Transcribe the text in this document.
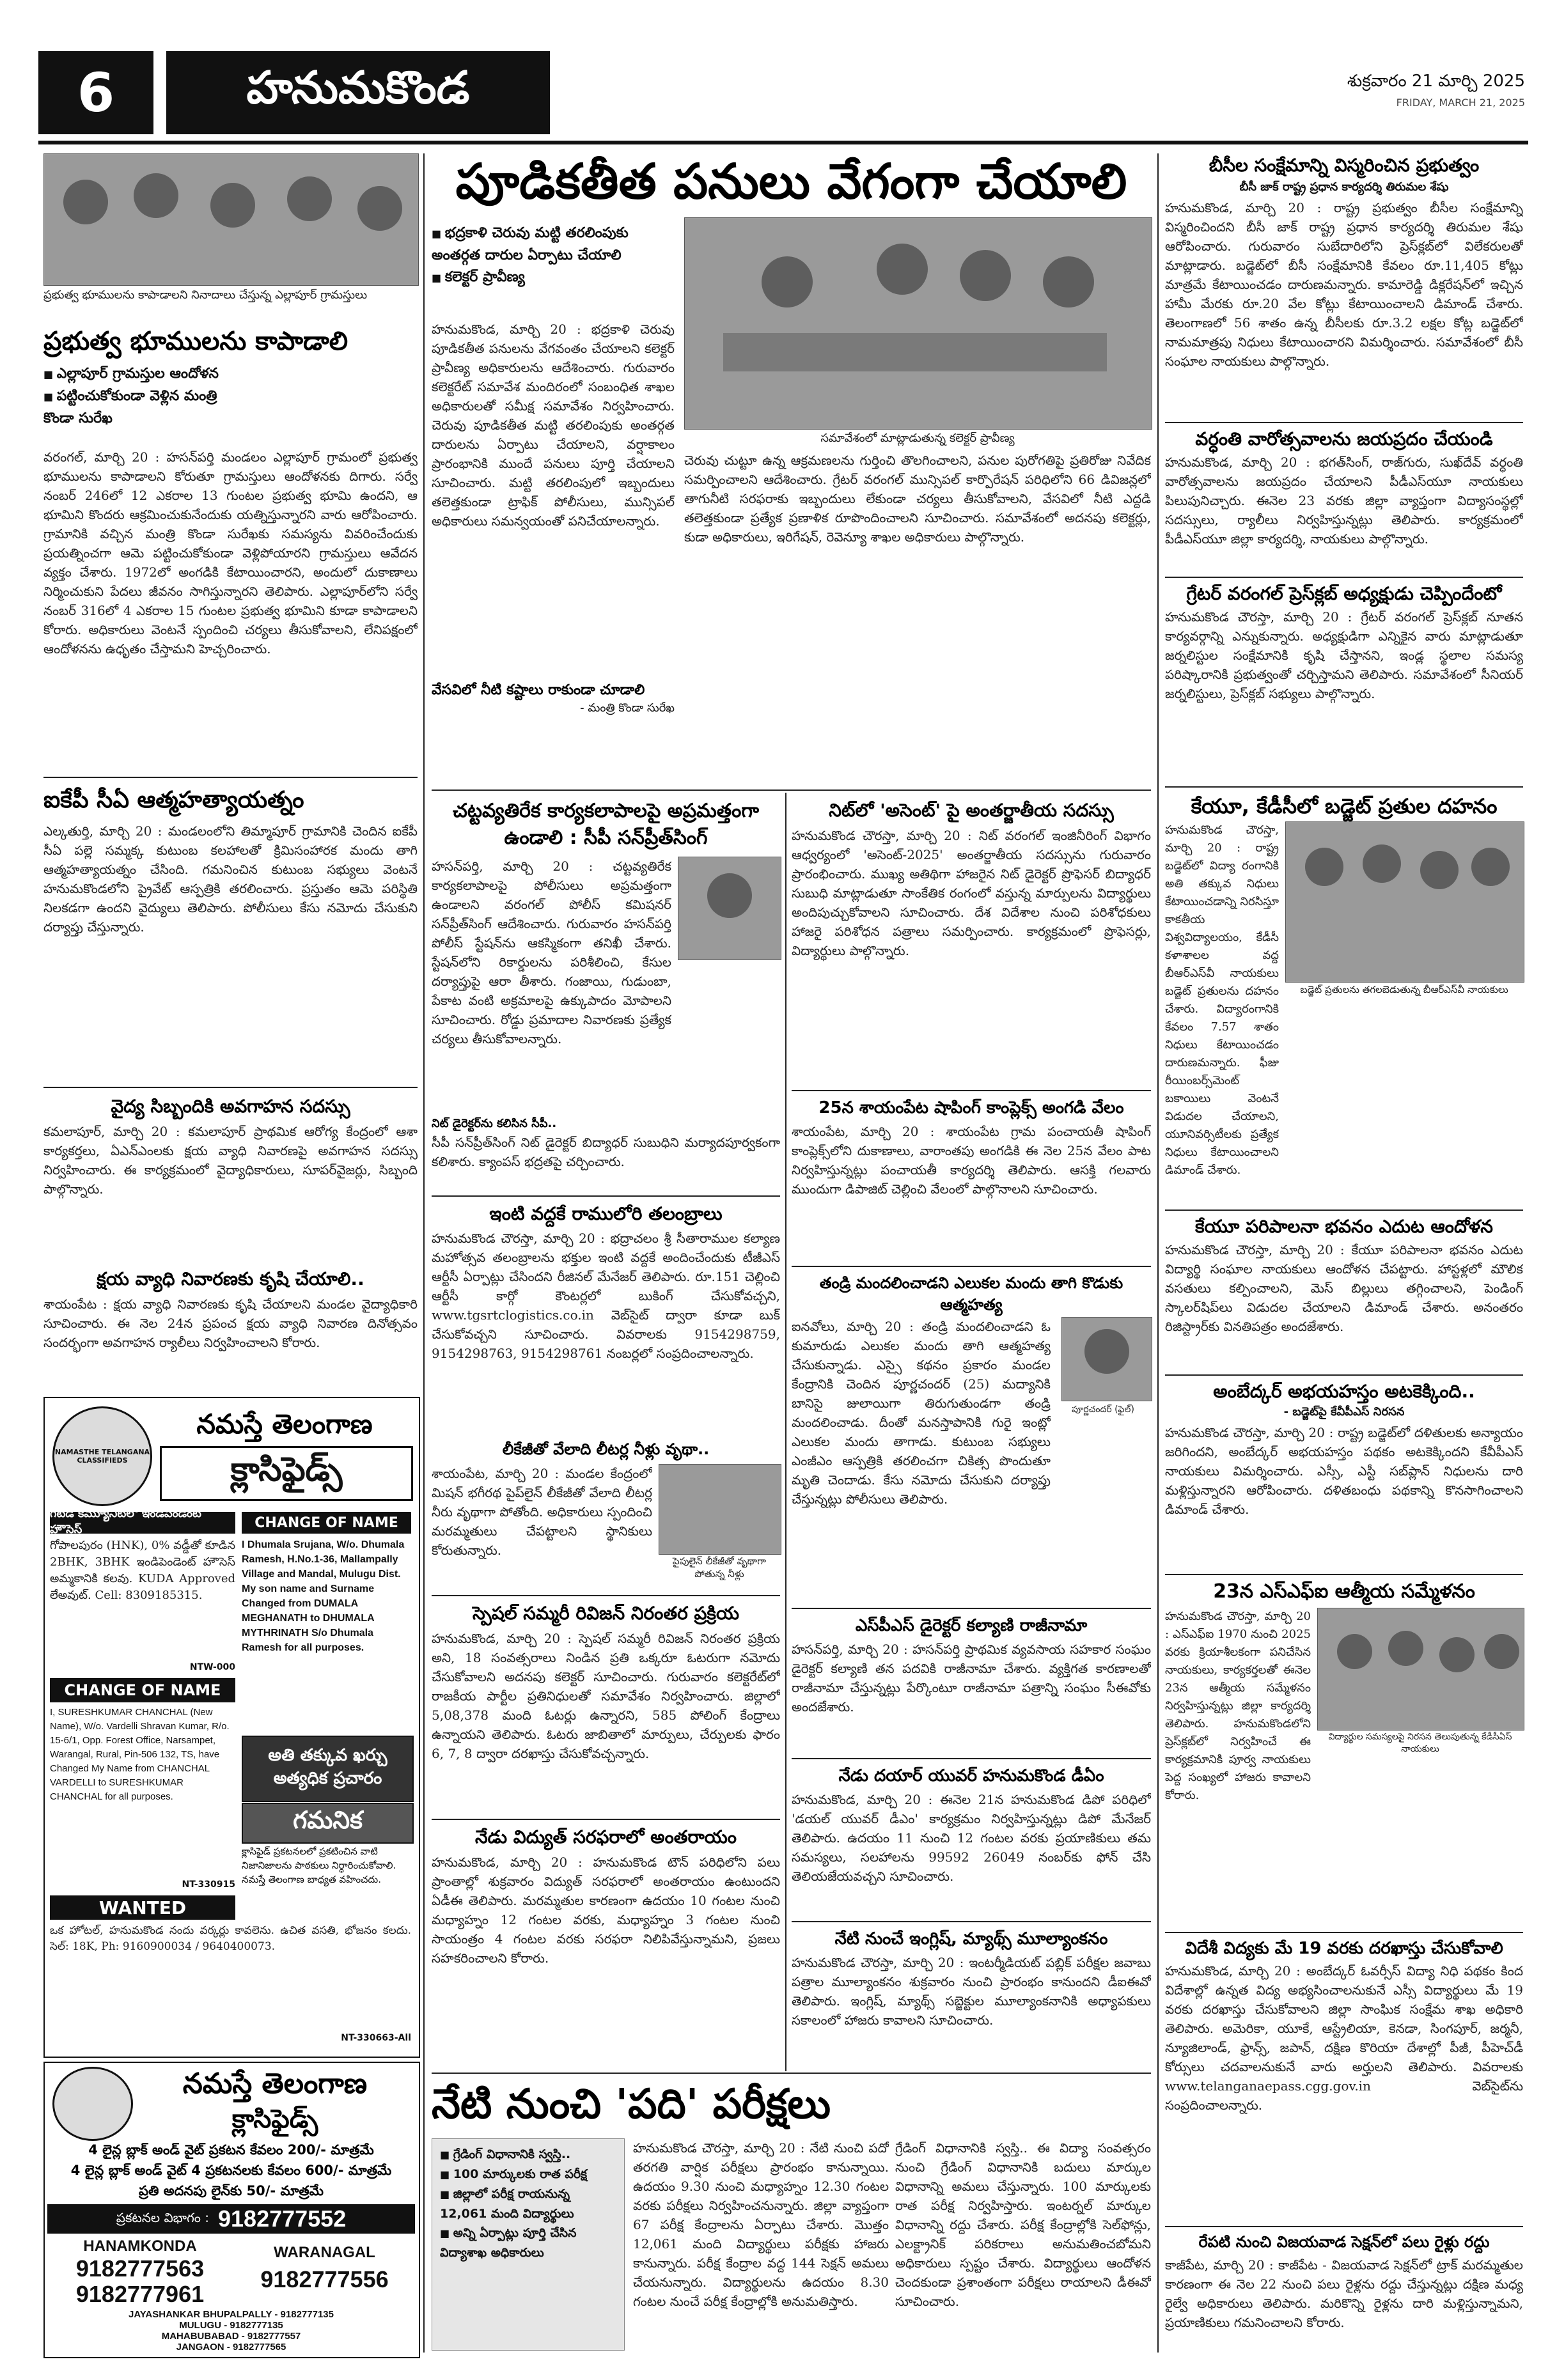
6	హనుమకొండ	శుక్రవారం 21 మార్చి 2025
FRIDAY, MARCH 21, 2025
ప్రభుత్వ భూములను కాపాడాలని నినాదాలు చేస్తున్న ఎల్లాపూర్ గ్రామస్తులు
ప్రభుత్వ భూములను కాపాడాలి
■ ఎల్లాపూర్ గ్రామస్తుల ఆందోళన
■ పట్టించుకోకుండా వెళ్లిన మంత్రి కొండా సురేఖ
వరంగల్, మార్చి 20 : హసన్‌పర్తి మండలం ఎల్లాపూర్ గ్రామంలో ప్రభుత్వ భూములను కాపాడాలని కోరుతూ గ్రామస్తులు ఆందోళనకు దిగారు. సర్వే నంబర్ 246లో 12 ఎకరాల 13 గుంటల ప్రభుత్వ భూమి ఉందని, ఆ భూమిని కొందరు ఆక్రమించుకునేందుకు యత్నిస్తున్నారని వారు ఆరోపించారు. గ్రామానికి వచ్చిన మంత్రి కొండా సురేఖకు సమస్యను వివరించేందుకు ప్రయత్నించగా ఆమె పట్టించుకోకుండా వెళ్లిపోయారని గ్రామస్తులు ఆవేదన వ్యక్తం చేశారు. 1972లో అంగడికి కేటాయించారని, అందులో దుకాణాలు నిర్మించుకుని పేదలు జీవనం సాగిస్తున్నారని తెలిపారు. ఎల్లాపూర్‌లోని సర్వే నంబర్ 316లో 4 ఎకరాల 15 గుంటల ప్రభుత్వ భూమిని కూడా కాపాడాలని కోరారు. అధికారులు వెంటనే స్పందించి చర్యలు తీసుకోవాలని, లేనిపక్షంలో ఆందోళనను ఉధృతం చేస్తామని హెచ్చరించారు.
ఐకేపీ సీఏ ఆత్మహత్యాయత్నం
ఎల్కతుర్తి, మార్చి 20 : మండలంలోని తిమ్మాపూర్ గ్రామానికి చెందిన ఐకేపీ సీఏ పల్లె సమ్మక్క కుటుంబ కలహాలతో క్రిమిసంహారక మందు తాగి ఆత్మహత్యాయత్నం చేసింది. గమనించిన కుటుంబ సభ్యులు వెంటనే హనుమకొండలోని ప్రైవేట్ ఆస్పత్రికి తరలించారు. ప్రస్తుతం ఆమె పరిస్థితి నిలకడగా ఉందని వైద్యులు తెలిపారు. పోలీసులు కేసు నమోదు చేసుకుని దర్యాప్తు చేస్తున్నారు.
వైద్య సిబ్బందికి అవగాహన సదస్సు
కమలాపూర్, మార్చి 20 : కమలాపూర్ ప్రాథమిక ఆరోగ్య కేంద్రంలో ఆశా కార్యకర్తలు, ఏఎన్‌ఎంలకు క్షయ వ్యాధి నివారణపై అవగాహన సదస్సు నిర్వహించారు. ఈ కార్యక్రమంలో వైద్యాధికారులు, సూపర్‌వైజర్లు, సిబ్బంది పాల్గొన్నారు.
క్షయ వ్యాధి నివారణకు కృషి చేయాలి..
శాయంపేట : క్షయ వ్యాధి నివారణకు కృషి చేయాలని మండల వైద్యాధికారి సూచించారు. ఈ నెల 24న ప్రపంచ క్షయ వ్యాధి నివారణ దినోత్సవం సందర్భంగా అవగాహన ర్యాలీలు నిర్వహించాలని కోరారు.
NAMASTHE TELANGANA CLASSIFIEDS
నమస్తే తెలంగాణ
క్లాసిఫైడ్స్
గేటెడ్ కమ్యూనిటీలో ఇండిపెండెంట్ హౌసెస్
గోపాలపురం (HNK), 0% వడ్డీతో కూడిన 2BHK, 3BHK ఇండిపెండెంట్ హౌసెస్ అమ్మకానికి కలవు. KUDA Approved లేఅవుట్. Cell: 8309185315.
NTW-000
CHANGE OF NAME
I Dhumala Srujana, W/o. Dhumala Ramesh, H.No.1-36, Mallampally Village and Mandal, Mulugu Dist. My son name and Surname Changed from DUMALA MEGHANATH to DHUMALA MYTHRINATH S/o Dhumala Ramesh for all purposes.
CHANGE OF NAME
I, SURESHKUMAR CHANCHAL (New Name), W/o. Vardelli Shravan Kumar, R/o. 15-6/1, Opp. Forest Office, Narsampet, Warangal, Rural, Pin-506 132, TS, have Changed My Name from CHANCHAL VARDELLI to SURESHKUMAR CHANCHAL for all purposes.
NT-330915
అతి తక్కువ ఖర్చు అత్యధిక ప్రచారం
గమనిక
క్లాసిఫైడ్ ప్రకటనలలో ప్రకటించిన వాటి నిజానిజాలను పాఠకులు నిర్ధారించుకోవాలి. నమస్తే తెలంగాణ బాధ్యత వహించదు.
WANTED
ఒక హోటల్, హనుమకొండ నందు వర్కర్లు కావలెను. ఉచిత వసతి, భోజనం కలదు. సెల్: 18K, Ph: 9160900034 / 9640400073.
NT-330663-All
నమస్తే తెలంగాణ
క్లాసిఫైడ్స్
4 లైన్ల బ్లాక్ అండ్ వైట్ ప్రకటన కేవలం 200/- మాత్రమే
4 లైన్ల బ్లాక్ అండ్ వైట్ 4 ప్రకటనలకు కేవలం 600/- మాత్రమే
ప్రతి అదనపు లైన్‌కు 50/- మాత్రమే
ప్రకటనల విభాగం : 9182777552
HANAMKONDA
9182777563
9182777961
WARANAGAL
9182777556
JAYASHANKAR BHUPALPALLY - 9182777135
MULUGU - 9182777135
MAHABUBABAD - 9182777557
JANGAON - 9182777565
పూడికతీత పనులు వేగంగా చేయాలి
■ భద్రకాళి చెరువు మట్టి తరలింపుకు అంతర్గత దారుల ఏర్పాటు చేయాలి
■ కలెక్టర్ ప్రావీణ్య
సమావేశంలో మాట్లాడుతున్న కలెక్టర్ ప్రావీణ్య
హనుమకొండ, మార్చి 20 : భద్రకాళి చెరువు పూడికతీత పనులను వేగవంతం చేయాలని కలెక్టర్ ప్రావీణ్య అధికారులను ఆదేశించారు. గురువారం కలెక్టరేట్ సమావేశ మందిరంలో సంబంధిత శాఖల అధికారులతో సమీక్ష సమావేశం నిర్వహించారు. చెరువు పూడికతీత మట్టి తరలింపుకు అంతర్గత దారులను ఏర్పాటు చేయాలని, వర్షాకాలం ప్రారంభానికి ముందే పనులు పూర్తి చేయాలని సూచించారు. మట్టి తరలింపులో ఇబ్బందులు తలెత్తకుండా ట్రాఫిక్ పోలీసులు, మున్సిపల్ అధికారులు సమన్వయంతో పనిచేయాలన్నారు.
చెరువు చుట్టూ ఉన్న ఆక్రమణలను గుర్తించి తొలగించాలని, పనుల పురోగతిపై ప్రతిరోజు నివేదిక సమర్పించాలని ఆదేశించారు. గ్రేటర్ వరంగల్ మున్సిపల్ కార్పొరేషన్ పరిధిలోని 66 డివిజన్లలో తాగునీటి సరఫరాకు ఇబ్బందులు లేకుండా చర్యలు తీసుకోవాలని, వేసవిలో నీటి ఎద్దడి తలెత్తకుండా ప్రత్యేక ప్రణాళిక రూపొందించాలని సూచించారు. సమావేశంలో అదనపు కలెక్టర్లు, కుడా అధికారులు, ఇరిగేషన్, రెవెన్యూ శాఖల అధికారులు పాల్గొన్నారు.
వేసవిలో నీటి కష్టాలు రాకుండా చూడాలి
- మంత్రి కొండా సురేఖ
చట్టవ్యతిరేక కార్యకలాపాలపై అప్రమత్తంగా ఉండాలి : సీపీ సన్‌ప్రీత్‌సింగ్
హసన్‌పర్తి, మార్చి 20 : చట్టవ్యతిరేక కార్యకలాపాలపై పోలీసులు అప్రమత్తంగా ఉండాలని వరంగల్ పోలీస్ కమిషనర్ సన్‌ప్రీత్‌సింగ్ ఆదేశించారు. గురువారం హసన్‌పర్తి పోలీస్ స్టేషన్‌ను ఆకస్మికంగా తనిఖీ చేశారు. స్టేషన్‌లోని రికార్డులను పరిశీలించి, కేసుల దర్యాప్తుపై ఆరా తీశారు. గంజాయి, గుడుంబా, పేకాట వంటి అక్రమాలపై ఉక్కుపాదం మోపాలని సూచించారు. రోడ్డు ప్రమాదాల నివారణకు ప్రత్యేక చర్యలు తీసుకోవాలన్నారు.
నిట్ డైరెక్టర్‌ను కలిసిన సీపీ..
సీపీ సన్‌ప్రీత్‌సింగ్ నిట్ డైరెక్టర్ బిద్యాధర్ సుబుధిని మర్యాదపూర్వకంగా కలిశారు. క్యాంపస్ భద్రతపై చర్చించారు.
ఇంటి వద్దకే రాములోరి తలంబ్రాలు
హనుమకొండ చౌరస్తా, మార్చి 20 : భద్రాచలం శ్రీ సీతారాముల కల్యాణ మహోత్సవ తలంబ్రాలను భక్తుల ఇంటి వద్దకే అందించేందుకు టీజీఎస్ ఆర్టీసీ ఏర్పాట్లు చేసిందని రీజినల్ మేనేజర్ తెలిపారు. రూ.151 చెల్లించి ఆర్టీసీ కార్గో కౌంటర్లలో బుకింగ్ చేసుకోవచ్చని, www.tgsrtclogistics.co.in వెబ్‌సైట్ ద్వారా కూడా బుక్ చేసుకోవచ్చని సూచించారు. వివరాలకు 9154298759, 9154298763, 9154298761 నంబర్లలో సంప్రదించాలన్నారు.
లీకేజీతో వేలాది లీటర్ల నీళ్లు వృథా..
పైపులైన్ లీకేజీతో వృథాగా పోతున్న నీళ్లు
శాయంపేట, మార్చి 20 : మండల కేంద్రంలో మిషన్ భగీరథ పైప్‌లైన్ లీకేజీతో వేలాది లీటర్ల నీరు వృథాగా పోతోంది. అధికారులు స్పందించి మరమ్మతులు చేపట్టాలని స్థానికులు కోరుతున్నారు.
స్పెషల్ సమ్మరీ రివిజన్ నిరంతర ప్రక్రియ
హనుమకొండ, మార్చి 20 : స్పెషల్ సమ్మరీ రివిజన్ నిరంతర ప్రక్రియ అని, 18 సంవత్సరాలు నిండిన ప్రతి ఒక్కరూ ఓటరుగా నమోదు చేసుకోవాలని అదనపు కలెక్టర్ సూచించారు. గురువారం కలెక్టరేట్‌లో రాజకీయ పార్టీల ప్రతినిధులతో సమావేశం నిర్వహించారు. జిల్లాలో 5,08,378 మంది ఓటర్లు ఉన్నారని, 585 పోలింగ్ కేంద్రాలు ఉన్నాయని తెలిపారు. ఓటరు జాబితాలో మార్పులు, చేర్పులకు ఫారం 6, 7, 8 ద్వారా దరఖాస్తు చేసుకోవచ్చన్నారు.
నేడు విద్యుత్ సరఫరాలో అంతరాయం
హనుమకొండ, మార్చి 20 : హనుమకొండ టౌన్ పరిధిలోని పలు ప్రాంతాల్లో శుక్రవారం విద్యుత్ సరఫరాలో అంతరాయం ఉంటుందని ఏడీఈ తెలిపారు. మరమ్మతుల కారణంగా ఉదయం 10 గంటల నుంచి మధ్యాహ్నం 12 గంటల వరకు, మధ్యాహ్నం 3 గంటల నుంచి సాయంత్రం 4 గంటల వరకు సరఫరా నిలిపివేస్తున్నామని, ప్రజలు సహకరించాలని కోరారు.
నిట్‌లో 'అసెంట్' పై అంతర్జాతీయ సదస్సు
హనుమకొండ చౌరస్తా, మార్చి 20 : నిట్ వరంగల్ ఇంజినీరింగ్ విభాగం ఆధ్వర్యంలో 'అసెంట్-2025' అంతర్జాతీయ సదస్సును గురువారం ప్రారంభించారు. ముఖ్య అతిథిగా హాజరైన నిట్ డైరెక్టర్ ప్రొఫెసర్ బిద్యాధర్ సుబుధి మాట్లాడుతూ సాంకేతిక రంగంలో వస్తున్న మార్పులను విద్యార్థులు అందిపుచ్చుకోవాలని సూచించారు. దేశ విదేశాల నుంచి పరిశోధకులు హాజరై పరిశోధన పత్రాలు సమర్పించారు. కార్యక్రమంలో ప్రొఫెసర్లు, విద్యార్థులు పాల్గొన్నారు.
25న శాయంపేట షాపింగ్ కాంప్లెక్స్ అంగడి వేలం
శాయంపేట, మార్చి 20 : శాయంపేట గ్రామ పంచాయతీ షాపింగ్ కాంప్లెక్స్‌లోని దుకాణాలు, వారాంతపు అంగడికి ఈ నెల 25న వేలం పాట నిర్వహిస్తున్నట్లు పంచాయతీ కార్యదర్శి తెలిపారు. ఆసక్తి గలవారు ముందుగా డిపాజిట్ చెల్లించి వేలంలో పాల్గొనాలని సూచించారు.
తండ్రి మందలించాడని ఎలుకల మందు తాగి కొడుకు ఆత్మహత్య
పూర్ణచందర్ (ఫైల్)
ఐనవోలు, మార్చి 20 : తండ్రి మందలించాడని ఓ కుమారుడు ఎలుకల మందు తాగి ఆత్మహత్య చేసుకున్నాడు. ఎస్సై కథనం ప్రకారం మండల కేంద్రానికి చెందిన పూర్ణచందర్ (25) మద్యానికి బానిసై జులాయిగా తిరుగుతుండగా తండ్రి మందలించాడు. దీంతో మనస్తాపానికి గురై ఇంట్లో ఎలుకల మందు తాగాడు. కుటుంబ సభ్యులు ఎంజీఎం ఆస్పత్రికి తరలించగా చికిత్స పొందుతూ మృతి చెందాడు. కేసు నమోదు చేసుకుని దర్యాప్తు చేస్తున్నట్లు పోలీసులు తెలిపారు.
ఎస్‌పీఎస్ డైరెక్టర్ కల్యాణి రాజీనామా
హసన్‌పర్తి, మార్చి 20 : హసన్‌పర్తి ప్రాథమిక వ్యవసాయ సహకార సంఘం డైరెక్టర్ కల్యాణి తన పదవికి రాజీనామా చేశారు. వ్యక్తిగత కారణాలతో రాజీనామా చేస్తున్నట్లు పేర్కొంటూ రాజీనామా పత్రాన్ని సంఘం సీఈవోకు అందజేశారు.
నేడు దయార్ యువర్ హనుమకొండ డీఏం
హనుమకొండ, మార్చి 20 : ఈనెల 21న హనుమకొండ డిపో పరిధిలో 'డయల్ యువర్ డీఎం' కార్యక్రమం నిర్వహిస్తున్నట్లు డిపో మేనేజర్ తెలిపారు. ఉదయం 11 నుంచి 12 గంటల వరకు ప్రయాణికులు తమ సమస్యలు, సలహాలను 99592 26049 నంబర్‌కు ఫోన్ చేసి తెలియజేయవచ్చని సూచించారు.
నేటి నుంచే ఇంగ్లిష్, మ్యాథ్స్ మూల్యాంకనం
హనుమకొండ చౌరస్తా, మార్చి 20 : ఇంటర్మీడియట్ పబ్లిక్ పరీక్షల జవాబు పత్రాల మూల్యాంకనం శుక్రవారం నుంచి ప్రారంభం కానుందని డీఐఈవో తెలిపారు. ఇంగ్లిష్, మ్యాథ్స్ సబ్జెక్టుల మూల్యాంకనానికి అధ్యాపకులు సకాలంలో హాజరు కావాలని సూచించారు.
నేటి నుంచి 'పది' పరీక్షలు
■ గ్రేడింగ్ విధానానికి స్వస్తి..
■ 100 మార్కులకు రాత పరీక్ష
■ జిల్లాలో పరీక్ష రాయనున్న 12,061 మంది విద్యార్థులు
■ అన్ని ఏర్పాట్లు పూర్తి చేసిన విద్యాశాఖ అధికారులు
హనుమకొండ చౌరస్తా, మార్చి 20 : నేటి నుంచి పదో తరగతి వార్షిక పరీక్షలు ప్రారంభం కానున్నాయి. ఉదయం 9.30 నుంచి మధ్యాహ్నం 12.30 గంటల వరకు పరీక్షలు నిర్వహించనున్నారు. జిల్లా వ్యాప్తంగా 67 పరీక్ష కేంద్రాలను ఏర్పాటు చేశారు. మొత్తం 12,061 మంది విద్యార్థులు పరీక్షకు హాజరు కానున్నారు. పరీక్ష కేంద్రాల వద్ద 144 సెక్షన్ అమలు చేయనున్నారు. విద్యార్థులను ఉదయం 8.30 గంటల నుంచే పరీక్ష కేంద్రాల్లోకి అనుమతిస్తారు.
గ్రేడింగ్ విధానానికి స్వస్తి.. ఈ విద్యా సంవత్సరం నుంచి గ్రేడింగ్ విధానానికి బదులు మార్కుల విధానాన్ని అమలు చేస్తున్నారు. 100 మార్కులకు రాత పరీక్ష నిర్వహిస్తారు. ఇంటర్నల్ మార్కుల విధానాన్ని రద్దు చేశారు. పరీక్ష కేంద్రాల్లోకి సెల్‌ఫోన్లు, ఎలక్ట్రానిక్ పరికరాలు అనుమతించబోమని అధికారులు స్పష్టం చేశారు. విద్యార్థులు ఆందోళన చెందకుండా ప్రశాంతంగా పరీక్షలు రాయాలని డీఈవో సూచించారు.
బీసీల సంక్షేమాన్ని విస్మరించిన ప్రభుత్వం
బీసీ జాక్ రాష్ట్ర ప్రధాన కార్యదర్శి తిరుమల శేషు
హనుమకొండ, మార్చి 20 : రాష్ట్ర ప్రభుత్వం బీసీల సంక్షేమాన్ని విస్మరించిందని బీసీ జాక్ రాష్ట్ర ప్రధాన కార్యదర్శి తిరుమల శేషు ఆరోపించారు. గురువారం సుబేదారిలోని ప్రెస్‌క్లబ్‌లో విలేకరులతో మాట్లాడారు. బడ్జెట్‌లో బీసీ సంక్షేమానికి కేవలం రూ.11,405 కోట్లు మాత్రమే కేటాయించడం దారుణమన్నారు. కామారెడ్డి డిక్లరేషన్‌లో ఇచ్చిన హామీ మేరకు రూ.20 వేల కోట్లు కేటాయించాలని డిమాండ్ చేశారు. తెలంగాణలో 56 శాతం ఉన్న బీసీలకు రూ.3.2 లక్షల కోట్ల బడ్జెట్‌లో నామమాత్రపు నిధులు కేటాయించారని విమర్శించారు. సమావేశంలో బీసీ సంఘాల నాయకులు పాల్గొన్నారు.
వర్ధంతి వారోత్సవాలను జయప్రదం చేయండి
హనుమకొండ, మార్చి 20 : భగత్‌సింగ్, రాజ్‌గురు, సుఖ్‌దేవ్ వర్ధంతి వారోత్సవాలను జయప్రదం చేయాలని పీడీఎస్‌యూ నాయకులు పిలుపునిచ్చారు. ఈనెల 23 వరకు జిల్లా వ్యాప్తంగా విద్యాసంస్థల్లో సదస్సులు, ర్యాలీలు నిర్వహిస్తున్నట్లు తెలిపారు. కార్యక్రమంలో పీడీఎస్‌యూ జిల్లా కార్యదర్శి, నాయకులు పాల్గొన్నారు.
గ్రేటర్ వరంగల్ ప్రెస్‌క్లబ్ అధ్యక్షుడు చెప్పిందేంటో
హనుమకొండ చౌరస్తా, మార్చి 20 : గ్రేటర్ వరంగల్ ప్రెస్‌క్లబ్ నూతన కార్యవర్గాన్ని ఎన్నుకున్నారు. అధ్యక్షుడిగా ఎన్నికైన వారు మాట్లాడుతూ జర్నలిస్టుల సంక్షేమానికి కృషి చేస్తానని, ఇండ్ల స్థలాల సమస్య పరిష్కారానికి ప్రభుత్వంతో చర్చిస్తామని తెలిపారు. సమావేశంలో సీనియర్ జర్నలిస్టులు, ప్రెస్‌క్లబ్ సభ్యులు పాల్గొన్నారు.
కేయూ, కేడీసీలో బడ్జెట్ ప్రతుల దహనం
బడ్జెట్ ప్రతులను తగలబెడుతున్న బీఆర్‌ఎస్‌వీ నాయకులు
హనుమకొండ చౌరస్తా, మార్చి 20 : రాష్ట్ర బడ్జెట్‌లో విద్యా రంగానికి అతి తక్కువ నిధులు కేటాయించడాన్ని నిరసిస్తూ కాకతీయ విశ్వవిద్యాలయం, కేడీసీ కళాశాలల వద్ద బీఆర్‌ఎస్‌వీ నాయకులు బడ్జెట్ ప్రతులను దహనం చేశారు. విద్యారంగానికి కేవలం 7.57 శాతం నిధులు కేటాయించడం దారుణమన్నారు. ఫీజు రీయింబర్స్‌మెంట్ బకాయిలు వెంటనే విడుదల చేయాలని, యూనివర్సిటీలకు ప్రత్యేక నిధులు కేటాయించాలని డిమాండ్ చేశారు.
కేయూ పరిపాలనా భవనం ఎదుట ఆందోళన
హనుమకొండ చౌరస్తా, మార్చి 20 : కేయూ పరిపాలనా భవనం ఎదుట విద్యార్థి సంఘాల నాయకులు ఆందోళన చేపట్టారు. హాస్టళ్లలో మౌలిక వసతులు కల్పించాలని, మెస్ బిల్లులు తగ్గించాలని, పెండింగ్ స్కాలర్‌షిప్‌లు విడుదల చేయాలని డిమాండ్ చేశారు. అనంతరం రిజిస్ట్రార్‌కు వినతిపత్రం అందజేశారు.
అంబేద్కర్ అభయహస్తం అటకెక్కింది..
- బడ్జెట్‌పై కేవీపీఎస్ నిరసన
హనుమకొండ చౌరస్తా, మార్చి 20 : రాష్ట్ర బడ్జెట్‌లో దళితులకు అన్యాయం జరిగిందని, అంబేద్కర్ అభయహస్తం పథకం అటకెక్కిందని కేవీపీఎస్ నాయకులు విమర్శించారు. ఎస్సీ, ఎస్టీ సబ్‌ప్లాన్ నిధులను దారి మళ్లిస్తున్నారని ఆరోపించారు. దళితబంధు పథకాన్ని కొనసాగించాలని డిమాండ్ చేశారు.
23న ఎస్‌ఎఫ్‌ఐ ఆత్మీయ సమ్మేళనం
విద్యార్థుల సమస్యలపై నిరసన తెలుపుతున్న కేడీసీఏస్ నాయకులు
హనుమకొండ చౌరస్తా, మార్చి 20 : ఎస్‌ఎఫ్‌ఐ 1970 నుంచి 2025 వరకు క్రియాశీలకంగా పనిచేసిన నాయకులు, కార్యకర్తలతో ఈనెల 23న ఆత్మీయ సమ్మేళనం నిర్వహిస్తున్నట్లు జిల్లా కార్యదర్శి తెలిపారు. హనుమకొండలోని ప్రెస్‌క్లబ్‌లో నిర్వహించే ఈ కార్యక్రమానికి పూర్వ నాయకులు పెద్ద సంఖ్యలో హాజరు కావాలని కోరారు.
విదేశీ విద్యకు మే 19 వరకు దరఖాస్తు చేసుకోవాలి
హనుమకొండ, మార్చి 20 : అంబేద్కర్ ఓవర్సీస్ విద్యా నిధి పథకం కింద విదేశాల్లో ఉన్నత విద్య అభ్యసించాలనుకునే ఎస్సీ విద్యార్థులు మే 19 వరకు దరఖాస్తు చేసుకోవాలని జిల్లా సాంఘిక సంక్షేమ శాఖ అధికారి తెలిపారు. అమెరికా, యూకే, ఆస్ట్రేలియా, కెనడా, సింగపూర్, జర్మనీ, న్యూజిలాండ్, ఫ్రాన్స్, జపాన్, దక్షిణ కొరియా దేశాల్లో పీజీ, పీహెచ్‌డీ కోర్సులు చదవాలనుకునే వారు అర్హులని తెలిపారు. వివరాలకు www.telanganaepass.cgg.gov.in వెబ్‌సైట్‌ను సంప్రదించాలన్నారు.
రేపటి నుంచి విజయవాడ సెక్షన్‌లో పలు రైళ్లు రద్దు
కాజీపేట, మార్చి 20 : కాజీపేట - విజయవాడ సెక్షన్‌లో ట్రాక్ మరమ్మతుల కారణంగా ఈ నెల 22 నుంచి పలు రైళ్లను రద్దు చేస్తున్నట్లు దక్షిణ మధ్య రైల్వే అధికారులు తెలిపారు. మరికొన్ని రైళ్లను దారి మళ్లిస్తున్నామని, ప్రయాణికులు గమనించాలని కోరారు.
